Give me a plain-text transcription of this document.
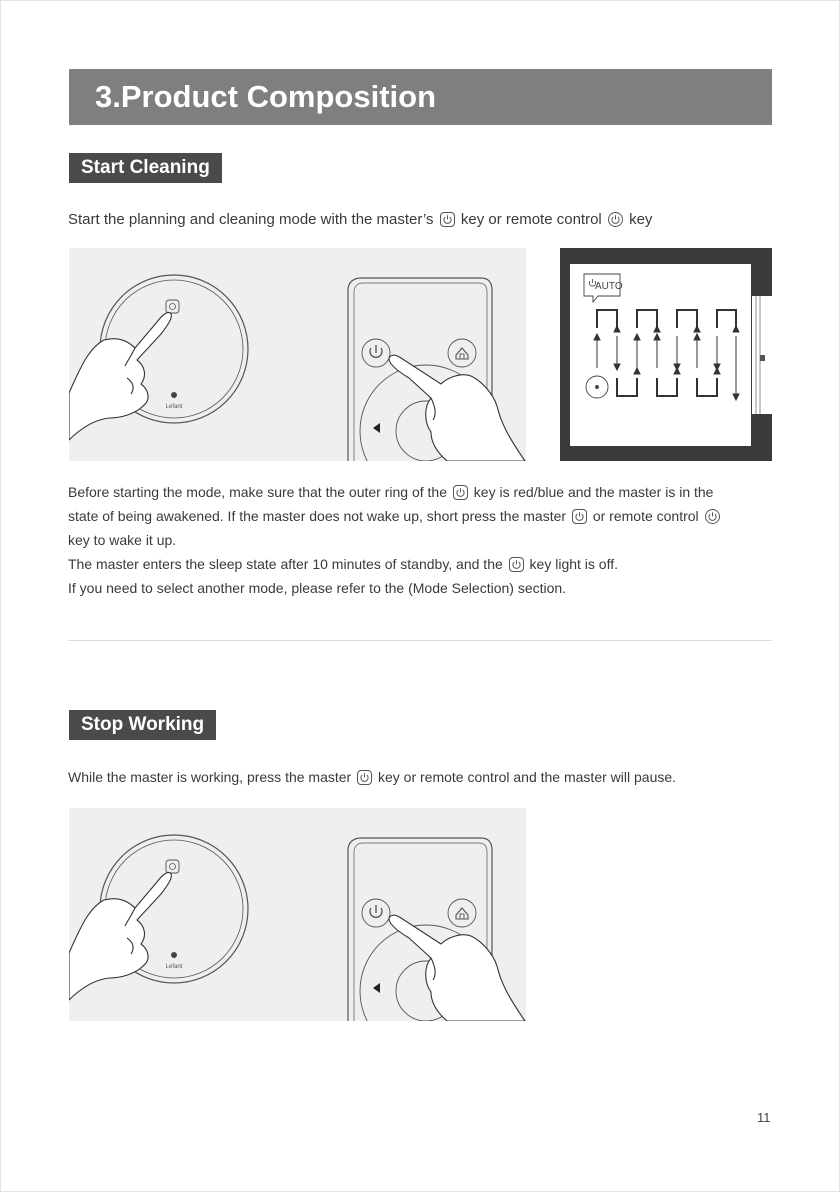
3.Product Composition
Start Cleaning
Start the planning and cleaning mode with the master’s key or remote control key
Lefant
AUTO
Before starting the mode, make sure that the outer ring of the key is red/blue and the master is in the
state of being awakened. If the master does not wake up, short press the master or remote control
key to wake it up.
The master enters the sleep state after 10 minutes of standby, and the key light is off.
If you need to select another mode, please refer to the (Mode Selection) section.
Stop Working
While the master is working, press the master key or remote control and the master will pause.
Lefant
11
